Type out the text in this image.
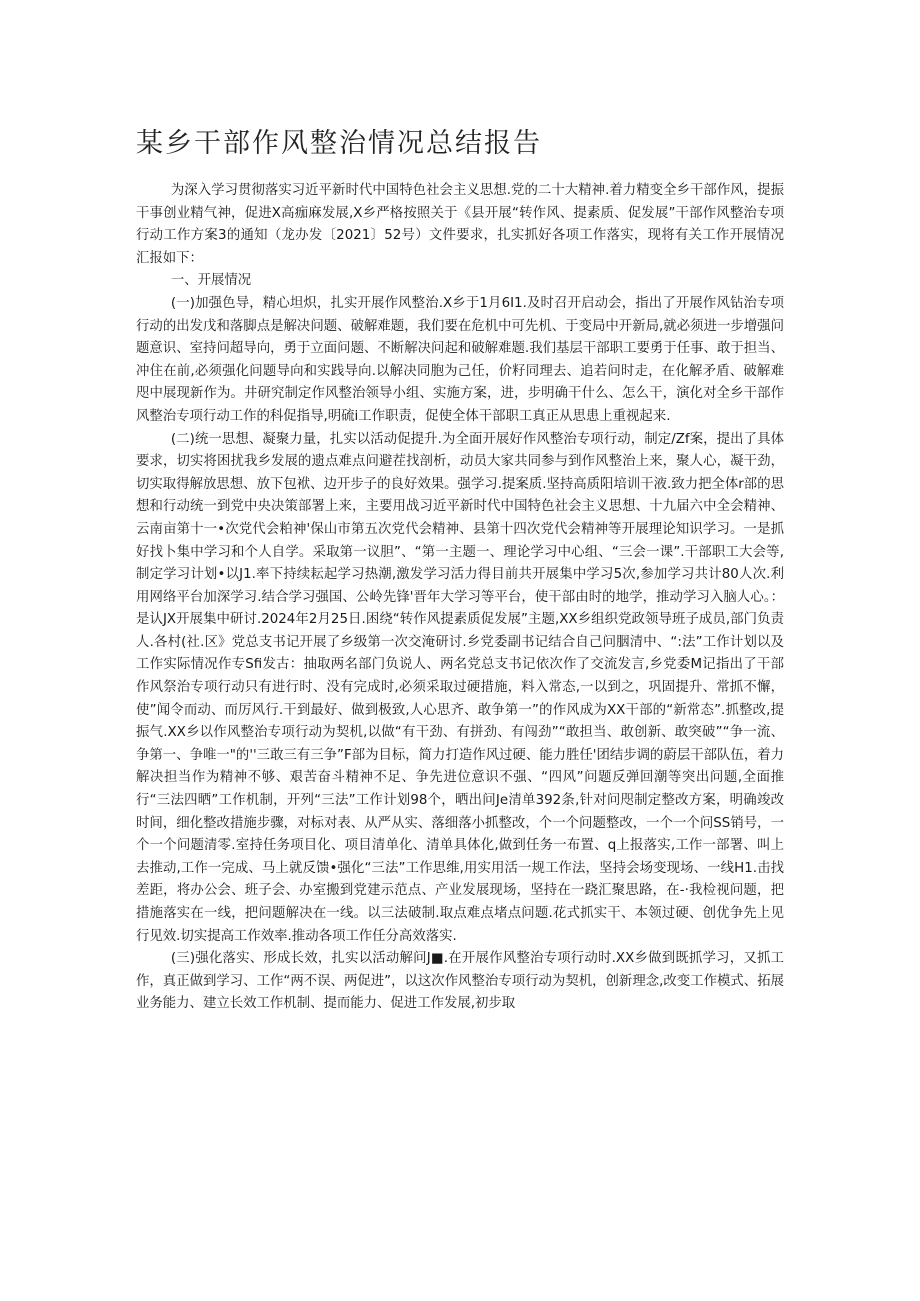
某乡干部作风整治情况总结报告

为深入学习贯彻落实习近平新时代中国特色社会主义思想.党的二十大精神.着力精变全乡干部作风，提振干事创业精气神，促进X高痂麻发展,X乡严格按照关于《县开展“转作风、提素质、促发展”干部作风整治专项行动工作方案3的通知（龙办发〔2021〕52号）文件要求，扎实抓好各项工作落实，现将有关工作开展情况汇报如下：

一、开展情况

(一)加强色导，精心坦炽，扎实开展作风整治.X乡于1月6I1.及时召开启动会，指出了开展作风钻治专项行动的出发戊和落脚点是解决问题、破解难题，我们要在危机中可先机、于变局中开新局,就必须进一步增强问题意识、室持问超导向，勇于立面问题、不断解决问起和破解难题.我们基层干部职工要勇于任事、敢于担当、冲住在前,必须强化问题导向和实践导向.以解决同胞为己任，价籽同理去、追若问时走，在化解矛盾、破解难咫中展现新作为。井研究制定作风整治领导小组、实施方案，进，步明确干什么、怎么干，演化对全乡干部作风整治专项行动工作的科促指导,明硫i工作职责，促使全体干部职工真正从思患上重视起来.

(二)统一思想、凝聚力量，扎实以活动促提升.为全面开展好作风整治专项行动，制定/Zf案，提出了具体要求，切实将困扰我乡发展的遗点难点问避茬找剖析，动员大家共同参与到作风整治上来，聚人心，凝干劲，切实取得解放思想、放下包袱、边开步子的良好效果。强学习.提案质.坚持高质阳培训干液.致力把全体r部的思想和行动统一到党中央决策部署上来，主要用战习近平新时代中国特色社会主义思想、十九届六中全会精神、云南亩第十一•次党代会粕神'保山市第五次党代会精神、县第十四次党代会精神等开展理论知识学习。一是抓好找卜集中学习和个人自学。采取第一议胆”、“第一主题一、理论学习中心组、“三会一课”.干部职工大会等,制定学习计划•以J1.率下持续耘起学习热潮,激发学习活力得目前共开展集中学习5次,参加学习共计80人次.利用网络平台加深学习.结合学习强国、公岭先锋'晋年大学习等平台，使干部由时的地学，推动学习入脑人心。：是认JX开展集中研讨.2024年2月25日.困绕“转作风提素质促发展”主题,XX乡组织党政领导班子成员,部门负责人.各村(社.区》党总支书记开展了乡级第一次交淹研讨.乡党委副书记结合自己问胭清中、“:法”工作计划以及工作实际情况作专Sfi发古：抽取两名部门负说人、两名党总支书记依次作了交流发言,乡党委M记指出了干部作风祭治专项行动只有进行时、没有完成时,必须采取过硬措施，料入常态,一以到之，巩固提升、常抓不懈，使”闻令而动、而厉风行.干到最好、做到极致,人心思齐、敢争第一”的作风成为XX干部的“新常态”.抓整改,提振气.XX乡以作风整治专项行动为契机,以做“有干劲、有拼劲、有闯劲”“敢担当、敢创新、敢突破”“争一流、争第一、争唯一"的''三敢三有三争”F部为目标，简力打造作风过硬、能力胜任'团结步调的蔚层干部队伍，着力解决担当作为精神不够、艰苦奋斗精神不足、争先进位意识不强、“四风”问题反弹回潮等突出问题,全面推行“三法四晒”工作机制，开列“三法”工作计划98个，晒出问Je清单392条,针对问咫制定整改方案，明确竣改时间，细化整改措施步骤，对标对表、从严从实、落细落小抓整改，个一个问题整改，一个一个问SS销号，一个一个问题清零.室持任务项目化、项目清单化、清单具体化,做到任务一布置、q上报落实,工作一部署、叫上去推动,工作一完成、马上就反馈•强化“三法”工作思维,用实用活一规工作法，坚持会场变现场、一线H1.击找差距，将办公会、班子会、办室搬到党建示范点、产业发展现场，坚持在一跷汇聚思路，在-·我检视问题，把措施落实在一线，把问题解决在一线。以三法破制.取点难点堵点问题.花式抓实干、本领过硬、创优争先上见行见效.切实提高工作效率.推动各项工作任分高效落实.

(三)强化落实、形成长效，扎实以活动解问J■.在开展作风整治专项行动时.XX乡做到既抓学习，又抓工作，真正做到学习、工作“两不误、两促进”，以这次作风整治专项行动为契机，创新理念,改变工作模式、拓展业务能力、建立长效工作机制、提而能力、促进工作发展,初步取
